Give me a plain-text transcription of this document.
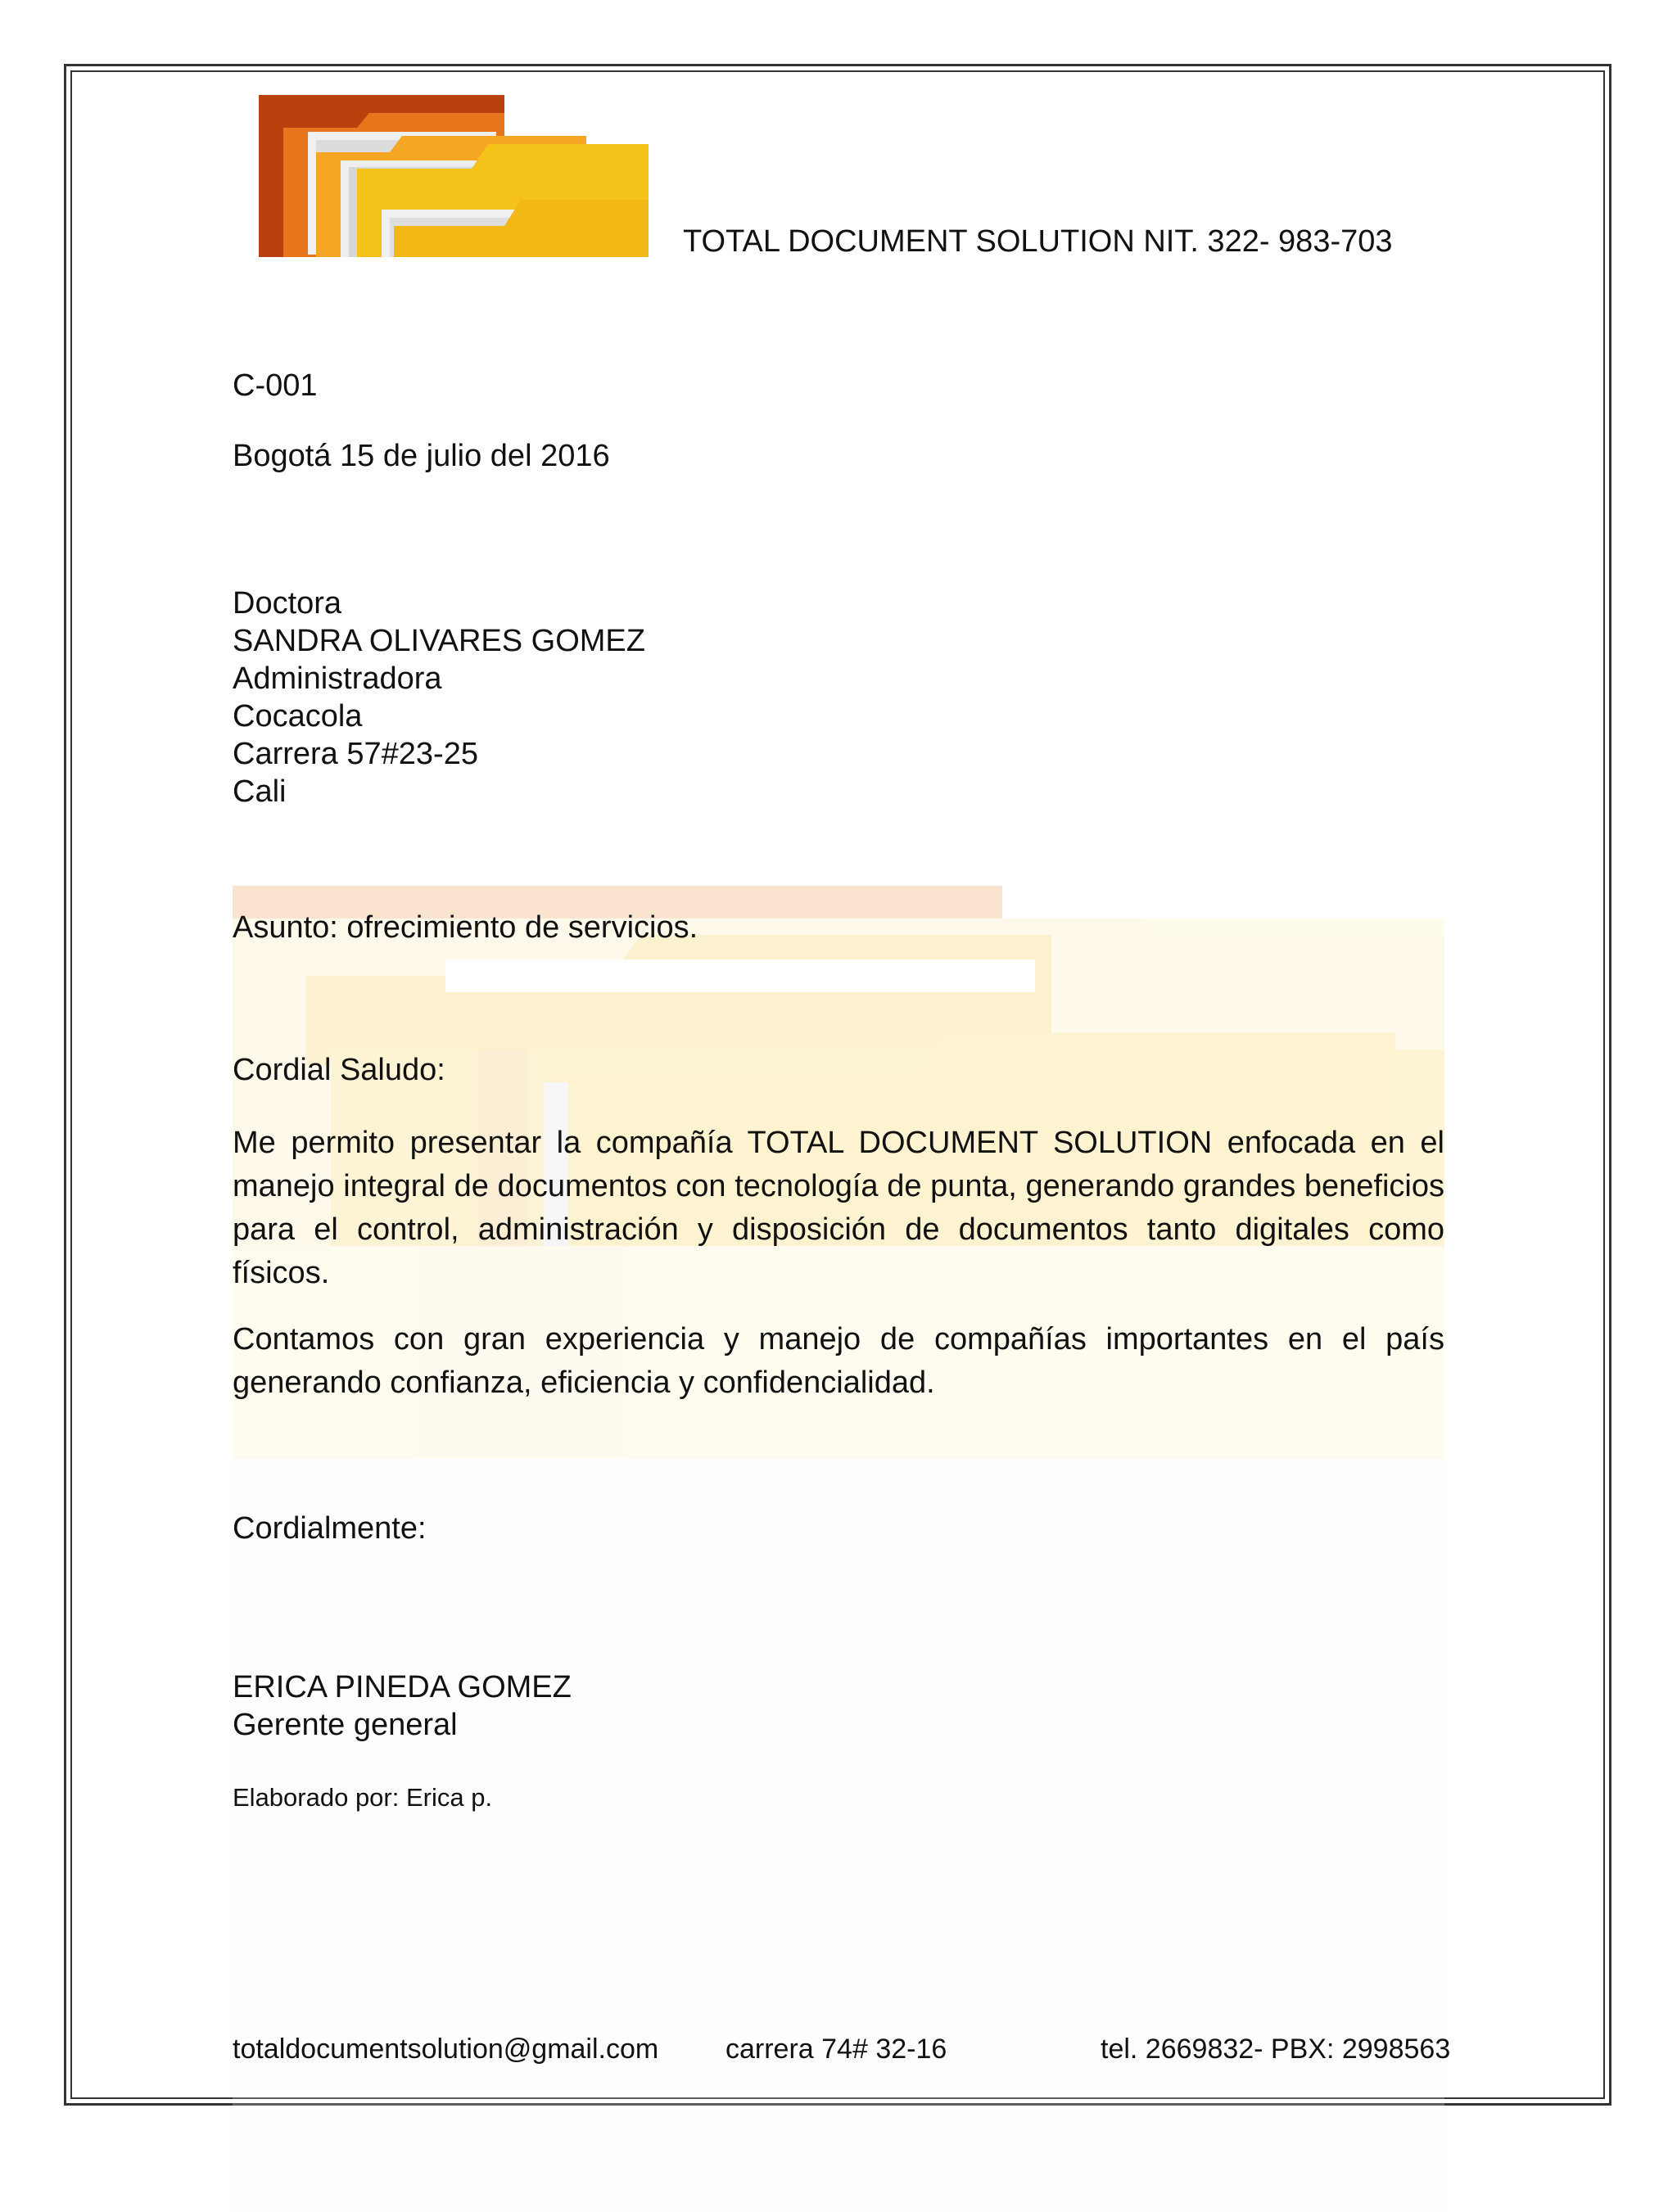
TOTAL DOCUMENT SOLUTION NIT. 322- 983-703
C-001
Bogotá 15 de julio del 2016
Doctora
SANDRA OLIVARES GOMEZ
Administradora
Cocacola
Carrera 57#23-25
Cali
Asunto: ofrecimiento de servicios.
Cordial Saludo:
Me permito presentar la compañía TOTAL DOCUMENT SOLUTION enfocada en el manejo integral de documentos con tecnología de punta, generando grandes beneficios para el control, administración y disposición de documentos tanto digitales como físicos.
Contamos con gran experiencia y manejo de compañías importantes en el país generando confianza, eficiencia y confidencialidad.
Cordialmente:
ERICA PINEDA GOMEZ
Gerente general
Elaborado por: Erica p.
totaldocumentsolution@gmail.com carrera 74# 32-16	tel. 2669832- PBX: 2998563
